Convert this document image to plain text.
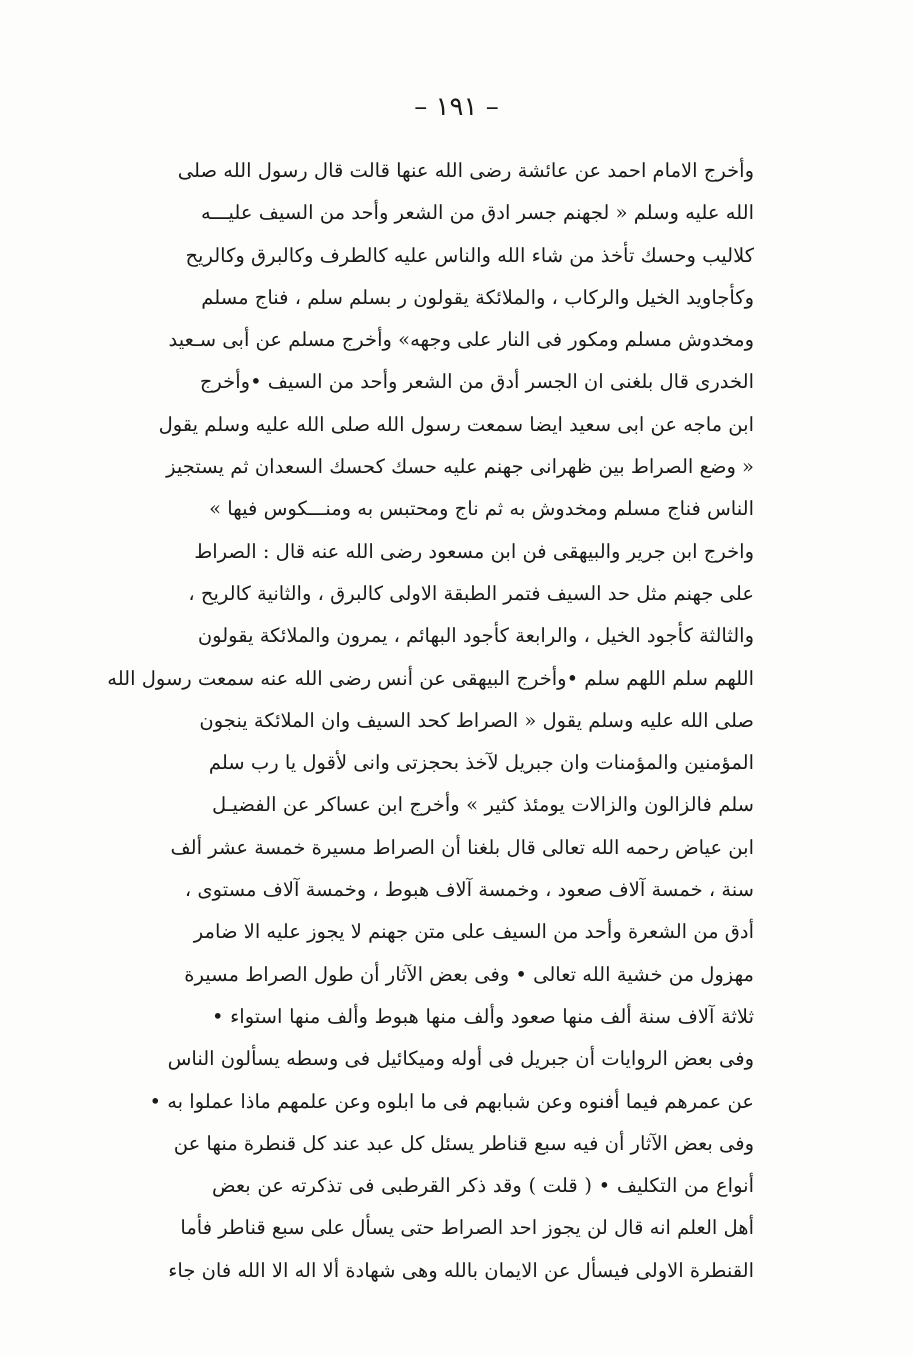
– ١٩١ –
وأخرج الامام احمد عن عائشة رضى الله عنها قالت قال رسول الله صلى
الله عليه وسلم « لجهنم جسر ادق من الشعر وأحد من السيف عليـــه
كلاليب وحسك تأخذ من شاء الله والناس عليه كالطرف وكالبرق وكالريح
وكأجاويد الخيل والركاب ، والملائكة يقولون ر بسلم سلم ، فناج مسلم
ومخدوش مسلم ومكور فى النار على وجهه» وأخرج مسلم عن أبى سـعيد
الخدرى قال بلغنى ان الجسر أدق من الشعر وأحد من السيف •وأخرج
ابن ماجه عن ابى سعيد ايضا سمعت رسول الله صلى الله عليه وسلم يقول
« وضع الصراط بين ظهرانى جهنم عليه حسك كحسك السعدان ثم يستجيز
الناس فناج مسلم ومخدوش به ثم ناج ومحتبس به ومنـــكوس فيها »
واخرج ابن جرير والبيهقى فن ابن مسعود رضى الله عنه قال : الصراط
على جهنم مثل حد السيف فتمر الطبقة الاولى كالبرق ، والثانية كالريح ،
والثالثة كأجود الخيل ، والرابعة كأجود البهائم ، يمرون والملائكة يقولون
اللهم سلم اللهم سلم •وأخرج البيهقى عن أنس رضى الله عنه سمعت رسول الله
صلى الله عليه وسلم يقول « الصراط كحد السيف وان الملائكة ينجون
المؤمنين والمؤمنات وان جبريل لآخذ بحجزتى وانى لأقول يا رب سلم
سلم فالزالون والزالات يومئذ كثير » وأخرج ابن عساكر عن الفضيـل
ابن عياض رحمه الله تعالى قال بلغنا أن الصراط مسيرة خمسة عشر ألف
سنة ، خمسة آلاف صعود ، وخمسة آلاف هبوط ، وخمسة آلاف مستوى ،
أدق من الشعرة وأحد من السيف على متن جهنم لا يجوز عليه الا ضامر
مهزول من خشية الله تعالى • وفى بعض الآثار أن طول الصراط مسيرة
ثلاثة آلاف سنة ألف منها صعود وألف منها هبوط وألف منها استواء •
وفى بعض الروايات أن جبريل فى أوله وميكائيل فى وسطه يسألون الناس
عن عمرهم فيما أفنوه وعن شبابهم فى ما ابلوه وعن علمهم ماذا عملوا به •
وفى بعض الآثار أن فيه سبع قناطر يسئل كل عبد عند كل قنطرة منها عن
أنواع من التكليف • ( قلت ) وقد ذكر القرطبى فى تذكرته عن بعض
أهل العلم انه قال لن يجوز احد الصراط حتى يسأل على سبع قناطر فأما
القنطرة الاولى فيسأل عن الايمان بالله وهى شهادة ألا اله الا الله فان جاء
